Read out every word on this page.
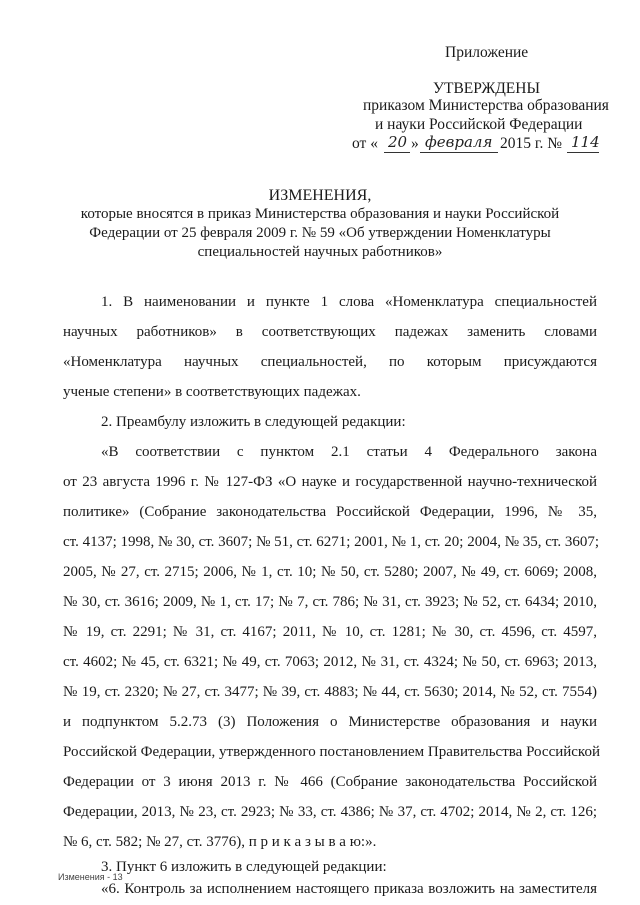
Приложение
УТВЕРЖДЕНЫ
приказом Министерства образования
и науки Российской Федерации
от « 20 » февраля 2015 г. № 114
ИЗМЕНЕНИЯ,
которые вносятся в приказ Министерства образования и науки Российской
Федерации от 25 февраля 2009 г. № 59 «Об утверждении Номенклатуры
специальностей научных работников»
1. В наименовании и пункте 1 слова «Номенклатура специальностей
научных работников» в соответствующих падежах заменить словами
«Номенклатура научных специальностей, по которым присуждаются
ученые степени» в соответствующих падежах.
2. Преамбулу изложить в следующей редакции:
«В соответствии с пунктом 2.1 статьи 4 Федерального закона
от 23 августа 1996 г. № 127-ФЗ «О науке и государственной научно-технической
политике» (Собрание законодательства Российской Федерации, 1996, № 35,
ст. 4137; 1998, № 30, ст. 3607; № 51, ст. 6271; 2001, № 1, ст. 20; 2004, № 35, ст. 3607;
2005, № 27, ст. 2715; 2006, № 1, ст. 10; № 50, ст. 5280; 2007, № 49, ст. 6069; 2008,
№ 30, ст. 3616; 2009, № 1, ст. 17; № 7, ст. 786; № 31, ст. 3923; № 52, ст. 6434; 2010,
№ 19, ст. 2291; № 31, ст. 4167; 2011, № 10, ст. 1281; № 30, ст. 4596, ст. 4597,
ст. 4602; № 45, ст. 6321; № 49, ст. 7063; 2012, № 31, ст. 4324; № 50, ст. 6963; 2013,
№ 19, ст. 2320; № 27, ст. 3477; № 39, ст. 4883; № 44, ст. 5630; 2014, № 52, ст. 7554)
и подпунктом 5.2.73 (3) Положения о Министерстве образования и науки
Российской Федерации, утвержденного постановлением Правительства Российской
Федерации от 3 июня 2013 г. № 466 (Собрание законодательства Российской
Федерации, 2013, № 23, ст. 2923; № 33, ст. 4386; № 37, ст. 4702; 2014, № 2, ст. 126;
№ 6, ст. 582; № 27, ст. 3776), п р и к а з ы в а ю:».
3. Пункт 6 изложить в следующей редакции:
«6. Контроль за исполнением настоящего приказа возложить на заместителя
Изменения - 13
